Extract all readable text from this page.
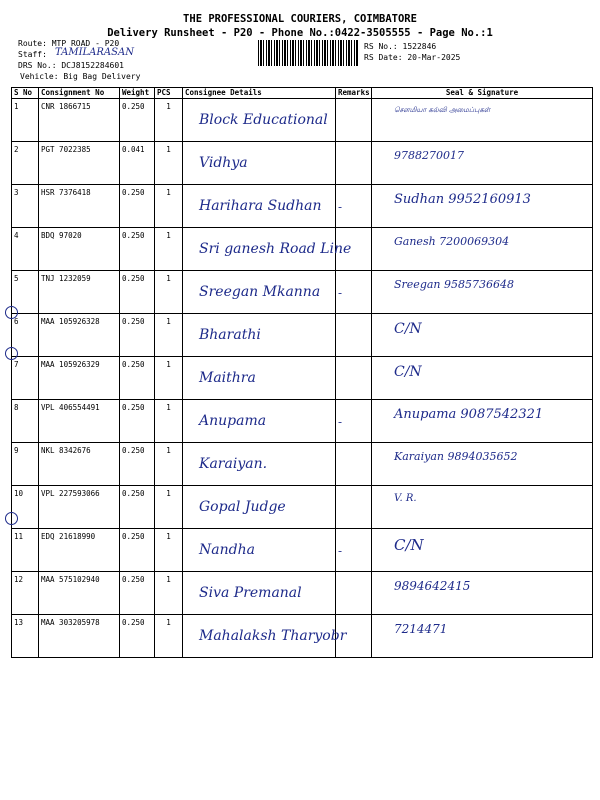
THE PROFESSIONAL COURIERS, COIMBATORE
Delivery Runsheet - P20 - Phone No.:0422-3505555 - Page No.:1
Route: MTP ROAD - P20
Staff: TAMILARASAN
DRS No.: DCJ8152284601
Vehicle: Big Bag Delivery
RS No.: 1522846
RS Date: 20-Mar-2025
S No	Consignment No	Weight	PCS	Consignee Details	Remarks	Seal & Signature

1	CNR 1866715	0.250	1	Block Educational		சௌமியா கல்வி அமைப்புகள்

2	PGT 7022385	0.041	1	Vidhya		9788270017

3	HSR 7376418	0.250	1	Harihara Sudhan	-	Sudhan 9952160913

4	BDQ 97020	0.250	1	Sri ganesh Road Line		Ganesh 7200069304

5	TNJ 1232059	0.250	1	Sreegan Mkanna	-	Sreegan 9585736648

6	MAA 105926328	0.250	1	Bharathi		C/N

7	MAA 105926329	0.250	1	Maithra		C/N

8	VPL 406554491	0.250	1	Anupama	-	Anupama 9087542321

9	NKL 8342676	0.250	1	Karaiyan.		Karaiyan 9894035652

10	VPL 227593066	0.250	1	Gopal Judge		V. R.

11	EDQ 21618990	0.250	1	Nandha	-	C/N

12	MAA 575102940	0.250	1	Siva Premanal		9894642415

13	MAA 303205978	0.250	1	Mahalaksh Tharyobr		7214471
